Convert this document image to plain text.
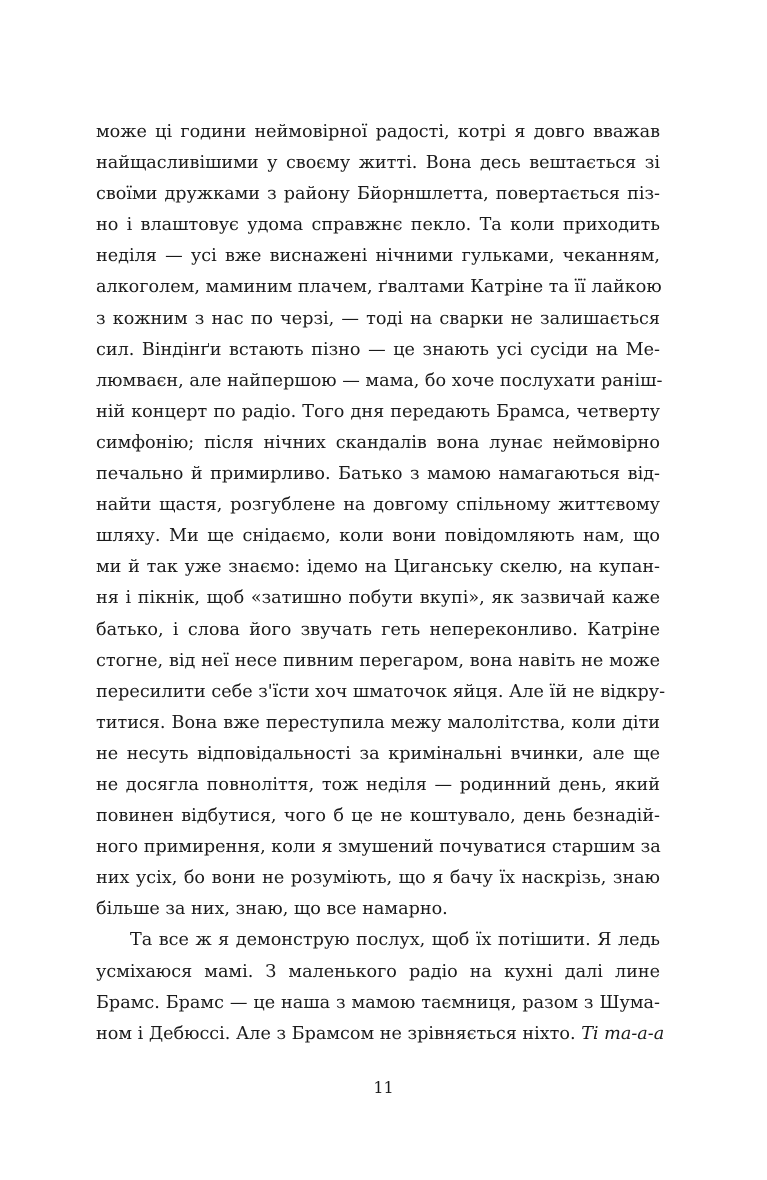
може ці години неймовірної радості, котрі я довго вважав
найщасливішими у своєму житті. Вона десь вештається зі
своїми дружками з району Бйорншлетта, повертається піз-
но і влаштовує удома справжнє пекло. Та коли приходить
неділя — усі вже виснажені нічними гульками, чеканням,
алкоголем, маминим плачем, ґвалтами Катріне та її лайкою
з кожним з нас по черзі, — тоді на сварки не залишається
сил. Віндінґи встають пізно — це знають усі сусіди на Ме-
люмваєн, але найпершою — мама, бо хоче послухати раніш-
ній концерт по радіо. Того дня передають Брамса, четверту
симфонію; після нічних скандалів вона лунає неймовірно
печально й примирливо. Батько з мамою намагаються від-
найти щастя, розгублене на довгому спільному життєвому
шляху. Ми ще снідаємо, коли вони повідомляють нам, що
ми й так уже знаємо: ідемо на Циганську скелю, на купан-
ня і пікнік, щоб «затишно побути вкупі», як зазвичай каже
батько, і слова його звучать геть непереконливо. Катріне
стогне, від неї несе пивним перегаром, вона навіть не може
пересилити себе з'їсти хоч шматочок яйця. Але їй не відкру-
титися. Вона вже переступила межу малолітства, коли діти
не несуть відповідальності за кримінальні вчинки, але ще
не досягла повноліття, тож неділя — родинний день, який
повинен відбутися, чого б це не коштувало, день безнадій-
ного примирення, коли я змушений почуватися старшим за
них усіх, бо вони не розуміють, що я бачу їх наскрізь, знаю
більше за них, знаю, що все намарно.
Та все ж я демонструю послух, щоб їх потішити. Я ледь
усміхаюся мамі. З маленького радіо на кухні далі лине
Брамс. Брамс — це наша з мамою таємниця, разом з Шума-
ном і Дебюссі. Але з Брамсом не зрівняється ніхто. Ті та-а-а
11
